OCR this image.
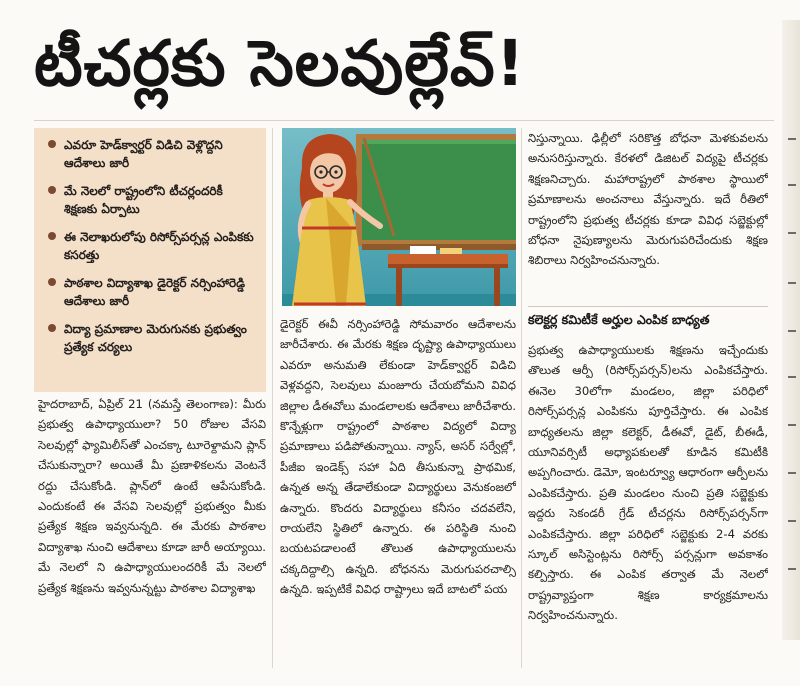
టీచర్లకు సెలవుల్లేవ్!
ఎవరూ హెడ్‌క్వార్టర్ విడిచి వెళ్లొద్దని ఆదేశాలు జారీ
మే నెలలో రాష్ట్రంలోని టీచర్లందరికీ శిక్షణకు ఏర్పాటు
ఈ నెలాఖరులోపు రిసోర్స్‌పర్సన్ల ఎంపికకు కసరత్తు
పాఠశాల విద్యాశాఖ డైరెక్టర్ నర్సింహారెడ్డి ఆదేశాలు జారీ
విద్యా ప్రమాణాల మెరుగునకు ప్రభుత్వం ప్రత్యేక చర్యలు
హైదరాబాద్, ఏప్రిల్ 21 (నమస్తే తెలంగాణ): మీరు ప్రభుత్వ ఉపాధ్యాయులా? 50 రోజుల వేసవి సెలవుల్లో ఫ్యామిలీస్‌తో ఎంచక్కా టూరెళ్దామని ప్లాన్ చేసుకున్నారా? అయితే మీ ప్రణాళికలను వెంటనే రద్దు చేసుకోండి. ప్లాన్‌లో ఉంటే ఆపేసుకోండి. ఎందుకంటే ఈ వేసవి సెలవుల్లో ప్రభుత్వం మీకు ప్రత్యేక శిక్షణ ఇవ్వనున్నది. ఈ మేరకు పాఠశాల విద్యాశాఖ నుంచి ఆదేశాలు కూడా జారీ అయ్యాయి. మే నెలలో ని ఉపాధ్యాయులందరికీ మే నెలలో ప్రత్యేక శిక్షణను ఇవ్వనున్నట్టు పాఠశాల విద్యాశాఖ
డైరెక్టర్ ఈవీ నర్సింహారెడ్డి సోమవారం ఆదేశాలను జారీచేశారు. ఈ మేరకు శిక్షణ దృష్ట్యా ఉపాధ్యాయులు ఎవరూ అనుమతి లేకుండా హెడ్‌క్వార్టర్ విడిచి వెళ్లవద్దని, సెలవులు మంజూరు చేయబోమని వివిధ జిల్లాల డీఈవోలు మండలాలకు ఆదేశాలు జారీచేశారు. కొన్నేళ్లుగా రాష్ట్రంలో పాఠశాల విద్యలో విద్యా ప్రమాణాలు పడిపోతున్నాయి. న్యాస్, అసర్ సర్వేల్లో, పీజీఐ ఇండెక్స్ సహా ఏది తీసుకున్నా ప్రాథమిక, ఉన్నత అన్న తేడాలేకుండా విద్యార్థులు వెనుకంజలో ఉన్నారు. కొందరు విద్యార్థులు కనీసం చదవలేని, రాయలేని స్థితిలో ఉన్నారు. ఈ పరిస్థితి నుంచి బయటపడాలంటే తొలుత ఉపాధ్యాయులను చక్కదిద్దాల్సి ఉన్నది. బోధనను మెరుగుపరచాల్సి ఉన్నది. ఇప్పటికే వివిధ రాష్ట్రాలు ఇదే బాటలో పయ
నిస్తున్నాయి. ఢిల్లీలో సరికొత్త బోధనా మెళకువలను అనుసరిస్తున్నారు. కేరళలో డిజిటల్ విద్యపై టీచర్లకు శిక్షణనిచ్చారు. మహారాష్ట్రలో పాఠశాల స్థాయిలో ప్రమాణాలను అంచనాలు వేస్తున్నారు. ఇదే రీతిలో రాష్ట్రంలోని ప్రభుత్వ టీచర్లకు కూడా వివిధ సబ్జెక్టుల్లో బోధనా నైపుణ్యాలను మెరుగుపరిచేందుకు శిక్షణ శిబిరాలు నిర్వహించనున్నారు.
కలెక్టర్ల కమిటీకే అర్హుల ఎంపిక బాధ్యత
ప్రభుత్వ ఉపాధ్యాయులకు శిక్షణను ఇచ్చేందుకు తొలుత ఆర్పీ (రిసోర్స్‌పర్సన్)లను ఎంపికచేస్తారు. ఈనెల 30లోగా మండలం, జిల్లా పరిధిలో రిసోర్స్‌పర్సన్ల ఎంపికను పూర్తిచేస్తారు. ఈ ఎంపిక బాధ్యతలను జిల్లా కలెక్టర్, డీఈవో, డైట్, బీఈడీ, యూనివర్సిటీ అధ్యాపకులతో కూడిన కమిటీకి అప్పగించారు. డెమో, ఇంటర్వ్యూ ఆధారంగా ఆర్పీలను ఎంపికచేస్తారు. ప్రతి మండలం నుంచి ప్రతి సబ్జెక్టుకు ఇద్దరు సెకండరీ గ్రేడ్ టీచర్లను రిసోర్స్‌పర్సన్‌గా ఎంపికచేస్తారు. జిల్లా పరిధిలో సబ్జెక్టుకు 2-4 వరకు స్కూల్ అసిస్టెంట్లను రిసోర్స్ పర్సన్లుగా అవకాశం కల్పిస్తారు. ఈ ఎంపిక తర్వాత మే నెలలో రాష్ట్రవ్యాప్తంగా శిక్షణ కార్యక్రమాలను నిర్వహించనున్నారు.
